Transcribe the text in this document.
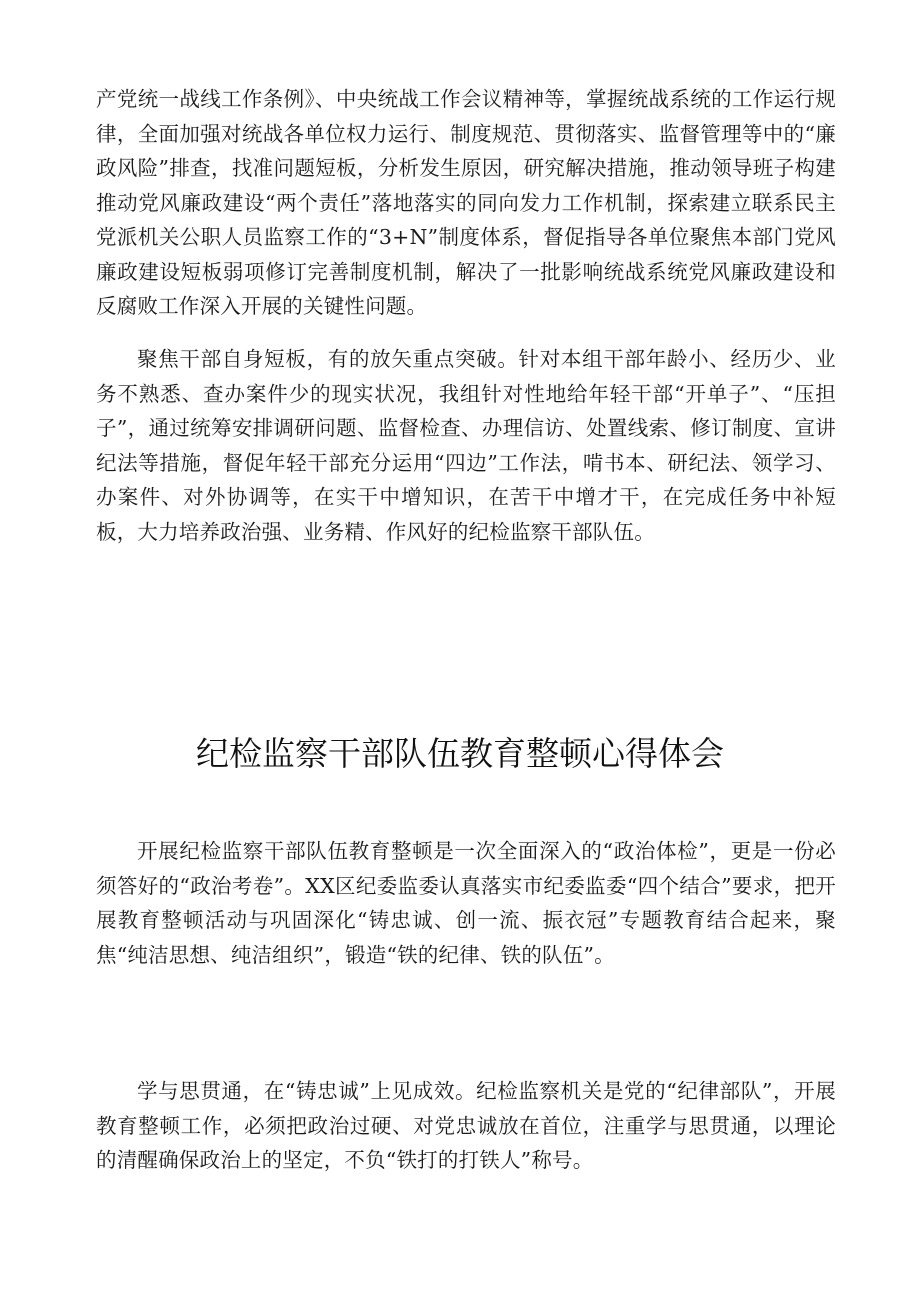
产党统一战线工作条例》、中央统战工作会议精神等，掌握统战系统的工作运行规律，全面加强对统战各单位权力运行、制度规范、贯彻落实、监督管理等中的“廉政风险”排查，找准问题短板，分析发生原因，研究解决措施，推动领导班子构建推动党风廉政建设“两个责任”落地落实的同向发力工作机制，探索建立联系民主党派机关公职人员监察工作的“3+N”制度体系，督促指导各单位聚焦本部门党风廉政建设短板弱项修订完善制度机制，解决了一批影响统战系统党风廉政建设和反腐败工作深入开展的关键性问题。

聚焦干部自身短板，有的放矢重点突破。针对本组干部年龄小、经历少、业务不熟悉、查办案件少的现实状况，我组针对性地给年轻干部“开单子”、“压担子”，通过统筹安排调研问题、监督检查、办理信访、处置线索、修订制度、宣讲纪法等措施，督促年轻干部充分运用“四边”工作法，啃书本、研纪法、领学习、办案件、对外协调等，在实干中增知识，在苦干中增才干，在完成任务中补短板，大力培养政治强、业务精、作风好的纪检监察干部队伍。

纪检监察干部队伍教育整顿心得体会

开展纪检监察干部队伍教育整顿是一次全面深入的“政治体检”，更是一份必须答好的“政治考卷”。XX区纪委监委认真落实市纪委监委“四个结合”要求，把开展教育整顿活动与巩固深化“铸忠诚、创一流、振衣冠”专题教育结合起来，聚焦“纯洁思想、纯洁组织”，锻造“铁的纪律、铁的队伍”。

学与思贯通，在“铸忠诚”上见成效。纪检监察机关是党的“纪律部队”，开展教育整顿工作，必须把政治过硬、对党忠诚放在首位，注重学与思贯通，以理论的清醒确保政治上的坚定，不负“铁打的打铁人”称号。
